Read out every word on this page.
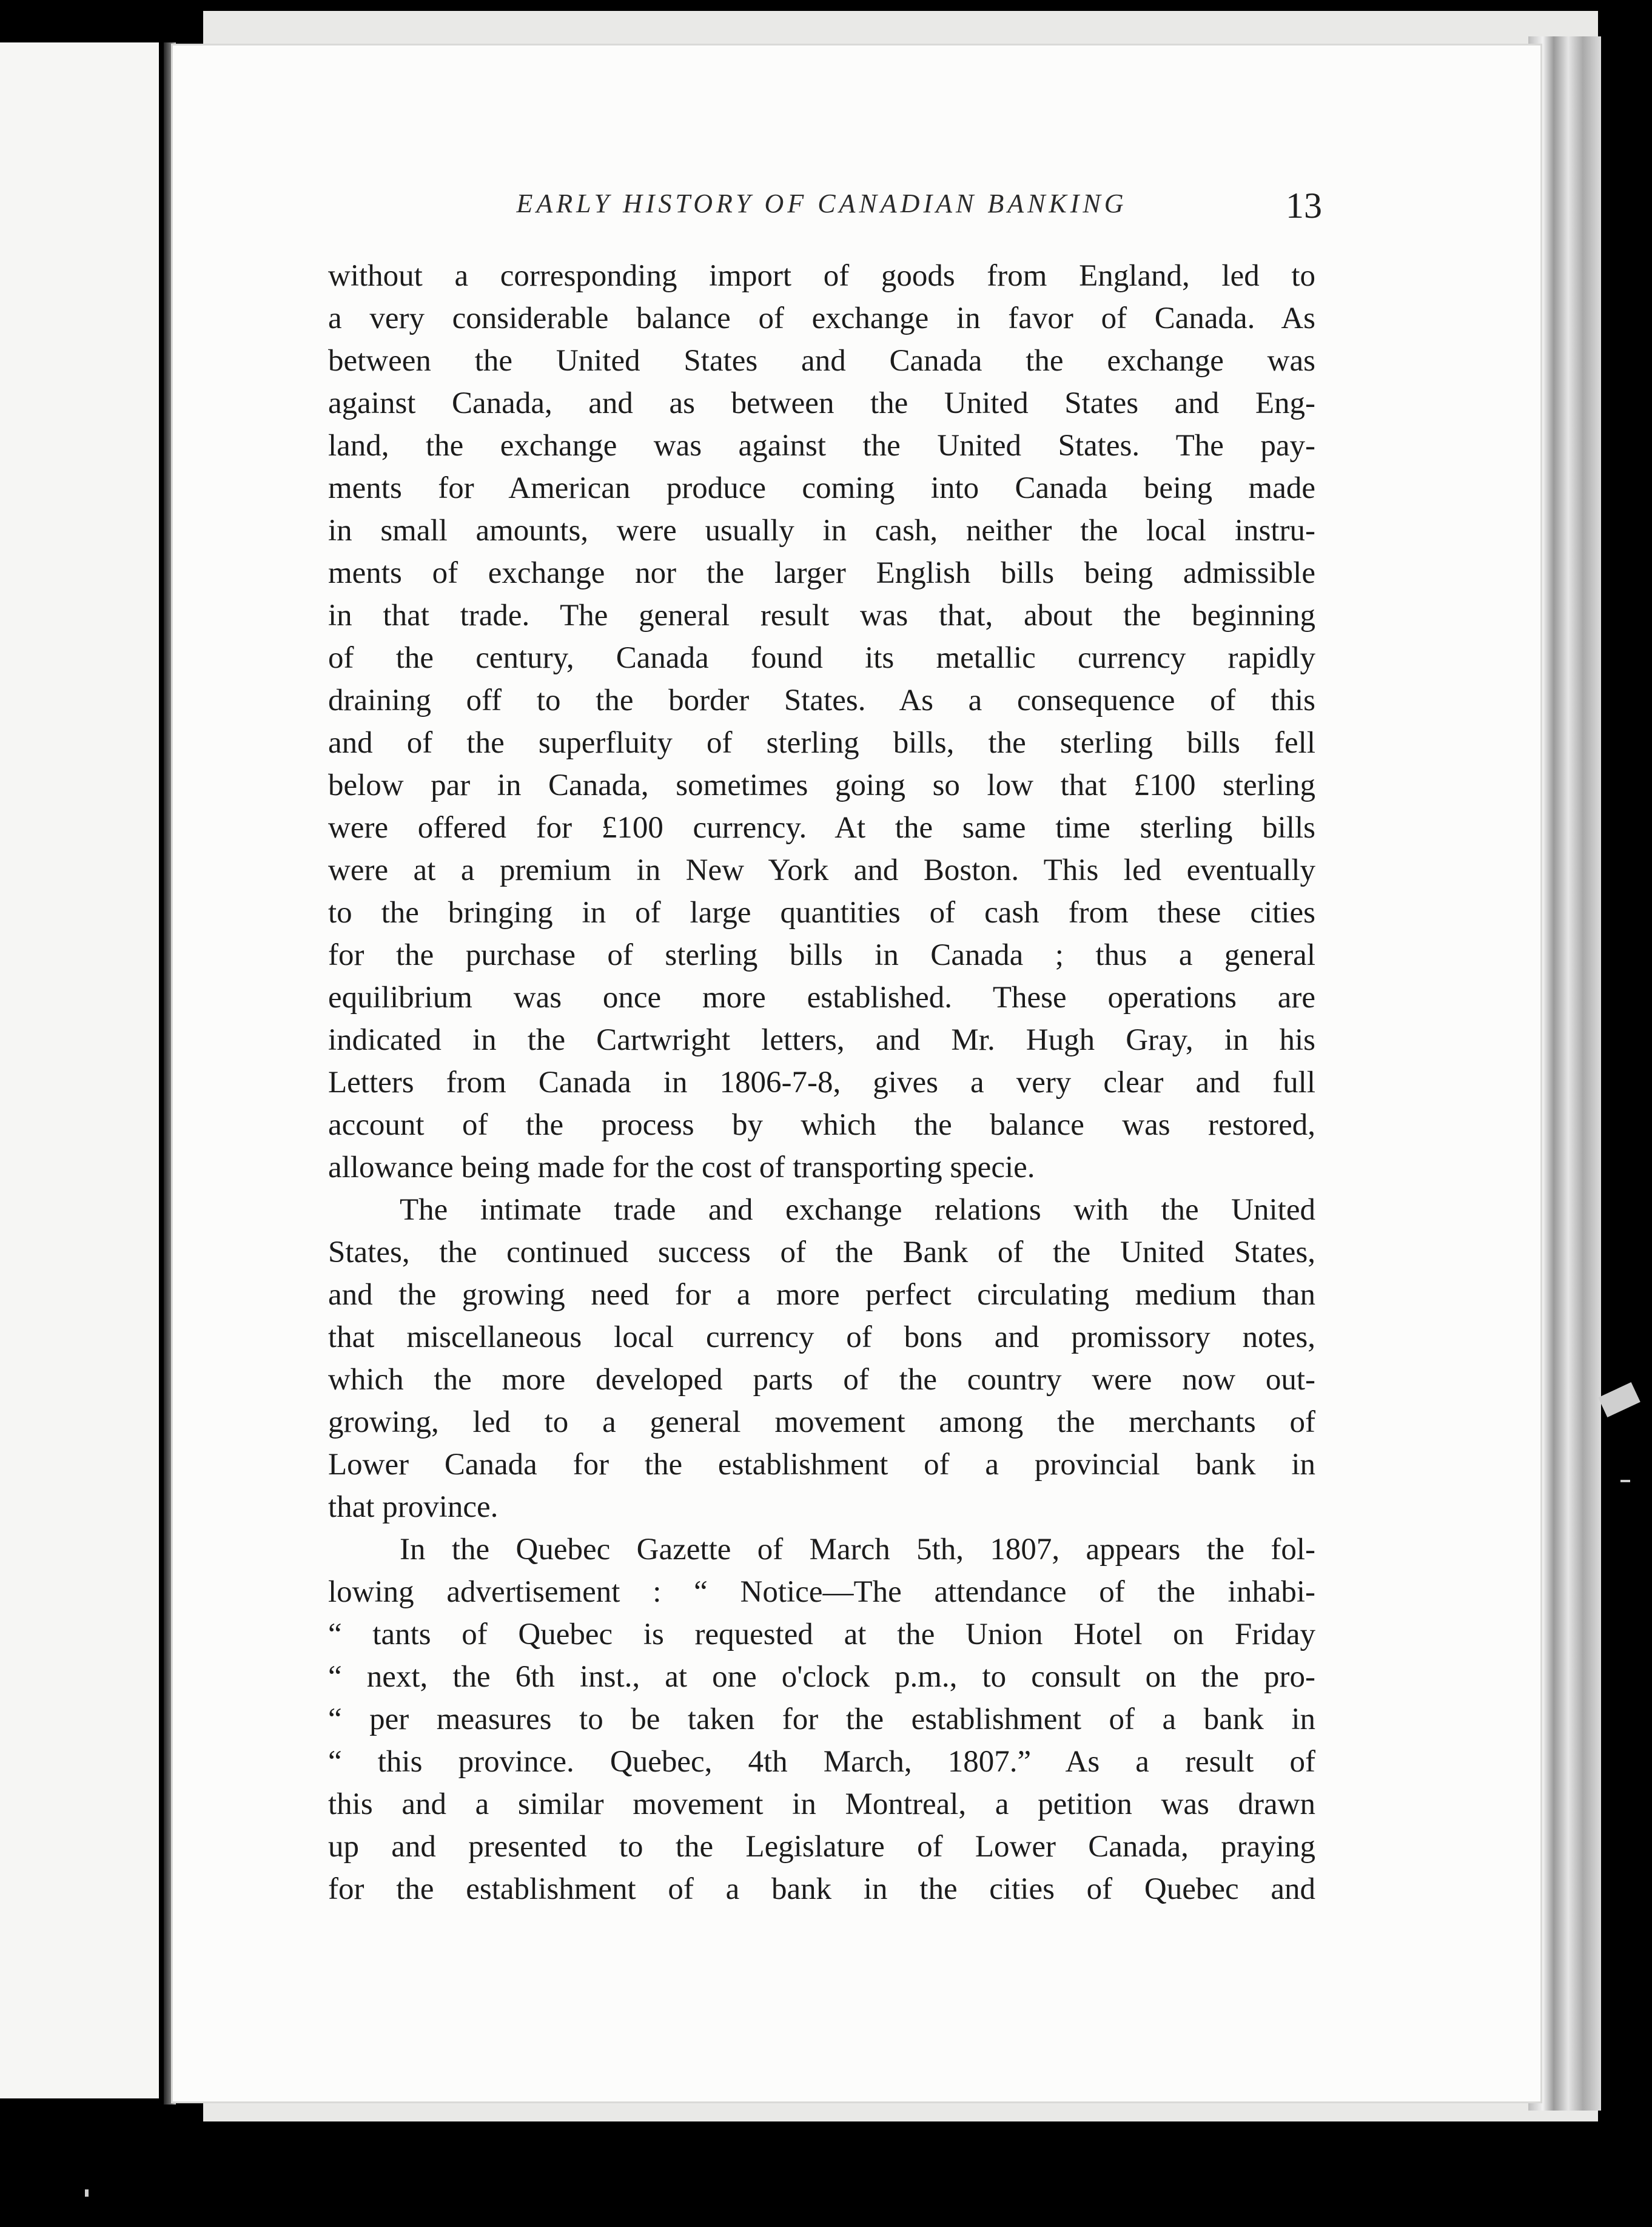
EARLY HISTORY OF CANADIAN BANKING	13
without a corresponding import of goods from England, led to
a very considerable balance of exchange in favor of Canada. As
between the United States and Canada the exchange was
against Canada, and as between the United States and Eng-
land, the exchange was against the United States. The pay-
ments for American produce coming into Canada being made
in small amounts, were usually in cash, neither the local instru-
ments of exchange nor the larger English bills being admissible
in that trade. The general result was that, about the beginning
of the century, Canada found its metallic currency rapidly
draining off to the border States. As a consequence of this
and of the superfluity of sterling bills, the sterling bills fell
below par in Canada, sometimes going so low that £100 sterling
were offered for £100 currency. At the same time sterling bills
were at a premium in New York and Boston. This led eventually
to the bringing in of large quantities of cash from these cities
for the purchase of sterling bills in Canada ; thus a general
equilibrium was once more established. These operations are
indicated in the Cartwright letters, and Mr. Hugh Gray, in his
Letters from Canada in 1806-7-8, gives a very clear and full
account of the process by which the balance was restored,
allowance being made for the cost of transporting specie.
The intimate trade and exchange relations with the United
States, the continued success of the Bank of the United States,
and the growing need for a more perfect circulating medium than
that miscellaneous local currency of bons and promissory notes,
which the more developed parts of the country were now out-
growing, led to a general movement among the merchants of
Lower Canada for the establishment of a provincial bank in
that province.
In the Quebec Gazette of March 5th, 1807, appears the fol-
lowing advertisement : “ Notice—The attendance of the inhabi-
“ tants of Quebec is requested at the Union Hotel on Friday
“ next, the 6th inst., at one o'clock p.m., to consult on the pro-
“ per measures to be taken for the establishment of a bank in
“ this province. Quebec, 4th March, 1807.” As a result of
this and a similar movement in Montreal, a petition was drawn
up and presented to the Legislature of Lower Canada, praying
for the establishment of a bank in the cities of Quebec and
